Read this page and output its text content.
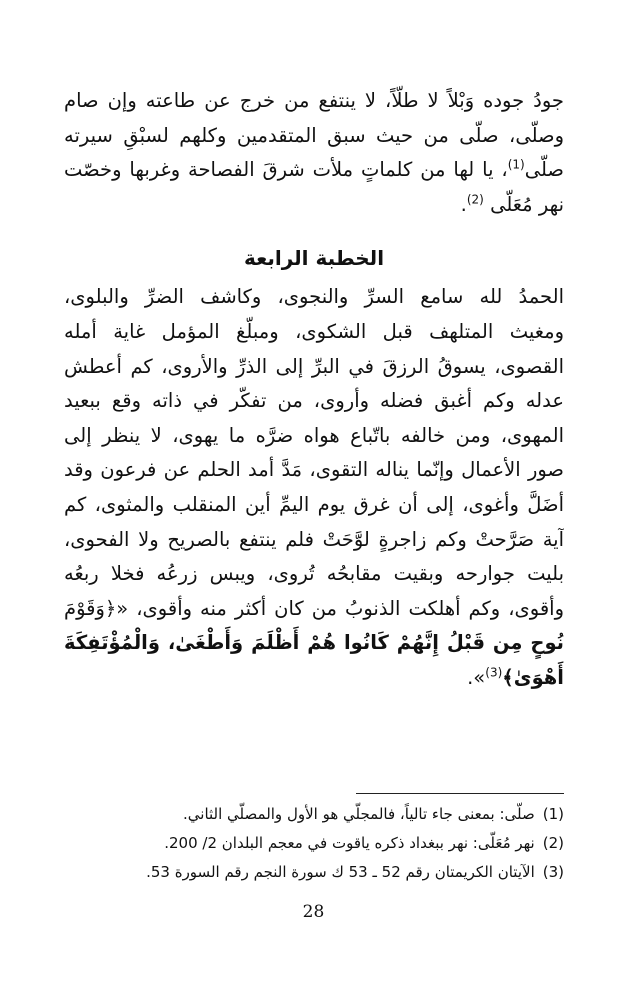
جودُ جوده وَبْلاً لا طلّاً، لا ينتفع من خرج عن طاعته وإن صام
وصلّى، صلّى من حيث سبق المتقدمين وكلهم لسبْقِ سيرته
صلّى$^{(1)}$، يا لها من كلماتٍ ملأت شرقَ الفصاحة وغربها وخصّت
نهر مُعَلّى $^{(2)}$.
الخطبة الرابعة
الحمدُ لله سامع السرِّ والنجوى، وكاشف الضرِّ والبلوى،
ومغيث المتلهف قبل الشكوى، ومبلّغ المؤمل غاية أمله
القصوى، يسوقُ الرزقَ في البرِّ إلى الذرِّ والأروى، كم أعطش
عدله وكم أغبق فضله وأروى، من تفكّر في ذاته وقع ببعيد
المهوى، ومن خالفه باتّباع هواه ضرَّه ما يهوى، لا ينظر إلى
صور الأعمال وإنّما يناله التقوى، مَدَّ أمد الحلم عن فرعون وقد
أضَلَّ وأغوى، إلى أن غرق يوم اليمِّ أين المنقلب والمثوى، كم
آية صَرَّحتْ وكم زاجرةٍ لوَّحَتْ فلم ينتفع بالصريح ولا الفحوى،
بليت جوارحه وبقيت مقابحُه تُروى، ويبس زرعُه فخلا ربعُه
وأقوى، وكم أهلكت الذنوبُ من كان أكثر منه وأقوى، «﴿وَقَوْمَ
نُوحٍ مِن قَبْلُ إِنَّهُمْ كَانُوا هُمْ أَظْلَمَ وَأَطْغَىٰ، وَالْمُؤْتَفِكَةَ
أَهْوَىٰ﴾$^{(3)}$».
(1)صلّى: بمعنى جاء تالياً، فالمجلّي هو الأول والمصلّي الثاني.
(2)نهر مُعَلّى: نهر ببغداد ذكره ياقوت في معجم البلدان 2/ 200.
(3)الآيتان الكريمتان رقم 52 ـ 53 ك سورة النجم رقم السورة 53.
28
